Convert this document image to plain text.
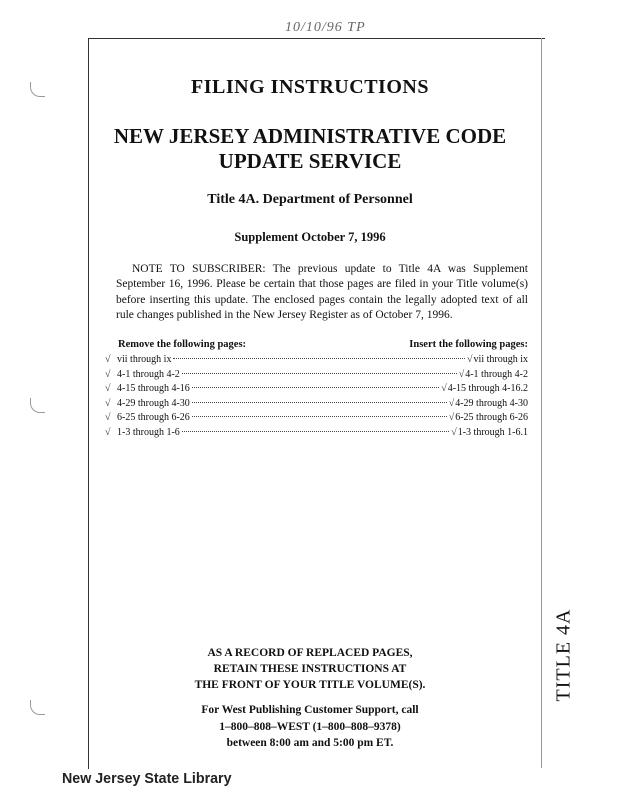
10/10/96 TP
FILING INSTRUCTIONS
NEW JERSEY ADMINISTRATIVE CODE
UPDATE SERVICE
Title 4A. Department of Personnel
Supplement October 7, 1996
NOTE TO SUBSCRIBER: The previous update to Title 4A was Supplement September 16, 1996. Please be certain that those pages are filed in your Title volume(s) before inserting this update. The enclosed pages contain the legally adopted text of all rule changes published in the New Jersey Register as of October 7, 1996.
Remove the following pages:	Insert the following pages:
√ vii through ix	√ vii through ix
√ 4-1 through 4-2	√ 4-1 through 4-2
√ 4-15 through 4-16	√ 4-15 through 4-16.2
√ 4-29 through 4-30	√ 4-29 through 4-30
√ 6-25 through 6-26	√ 6-25 through 6-26
√ 1-3 through 1-6	√ 1-3 through 1-6.1
AS A RECORD OF REPLACED PAGES,
RETAIN THESE INSTRUCTIONS AT
THE FRONT OF YOUR TITLE VOLUME(S).
For West Publishing Customer Support, call
1–800–808–WEST (1–800–808–9378)
between 8:00 am and 5:00 pm ET.
TITLE 4A
New Jersey State Library
